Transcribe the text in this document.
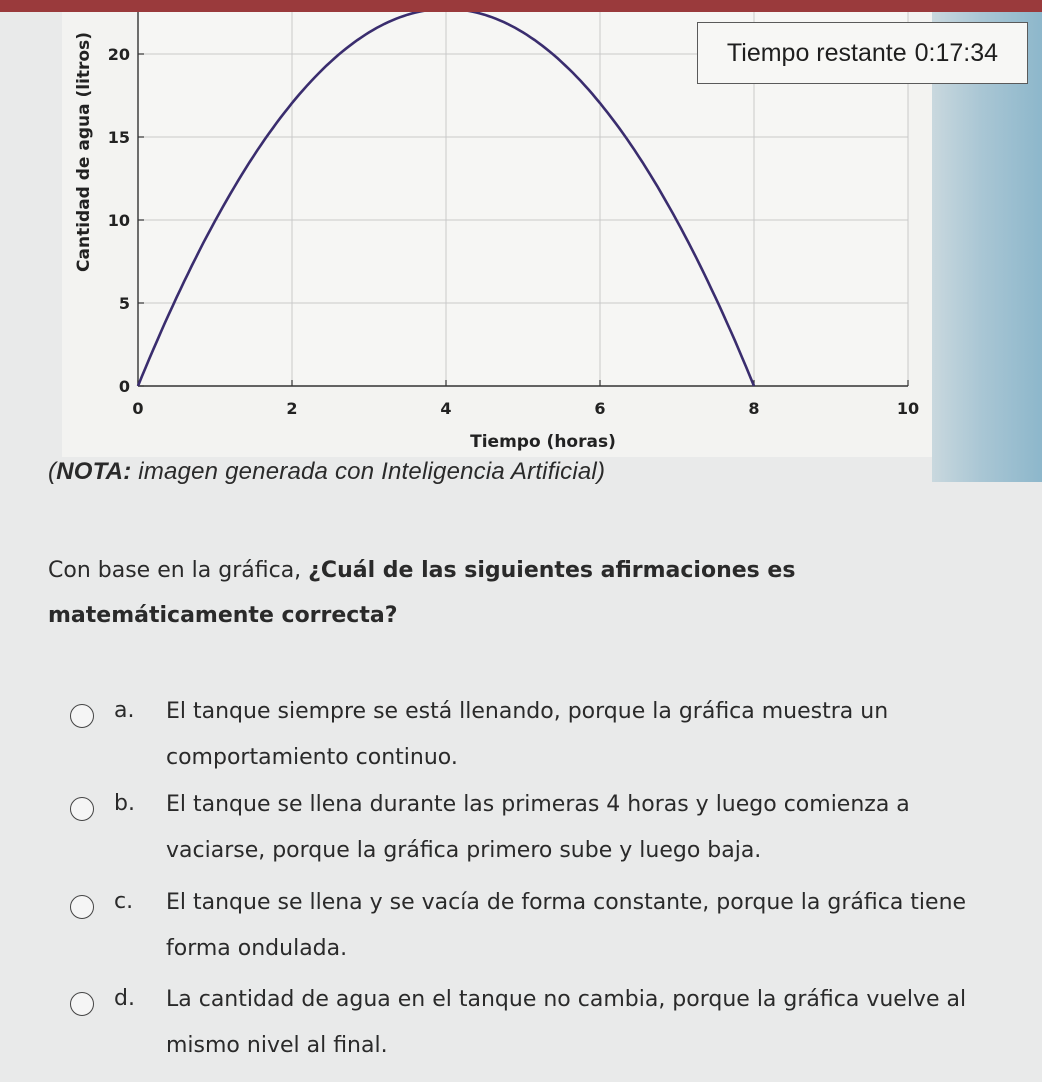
0
5
10
15
20
0	2	4	6	8	10
Tiempo (horas)
Cantidad de agua (litros)	Tiempo restante 0:17:34
(NOTA: imagen generada con Inteligencia Artificial)
Con base en la gráfica, ¿Cuál de las siguientes afirmaciones es matemáticamente correcta?
a. El tanque siempre se está llenando, porque la gráfica muestra un comportamiento continuo.
b. El tanque se llena durante las primeras 4 horas y luego comienza a vaciarse, porque la gráfica primero sube y luego baja.
c. El tanque se llena y se vacía de forma constante, porque la gráfica tiene forma ondulada.
d. La cantidad de agua en el tanque no cambia, porque la gráfica vuelve al mismo nivel al final.
